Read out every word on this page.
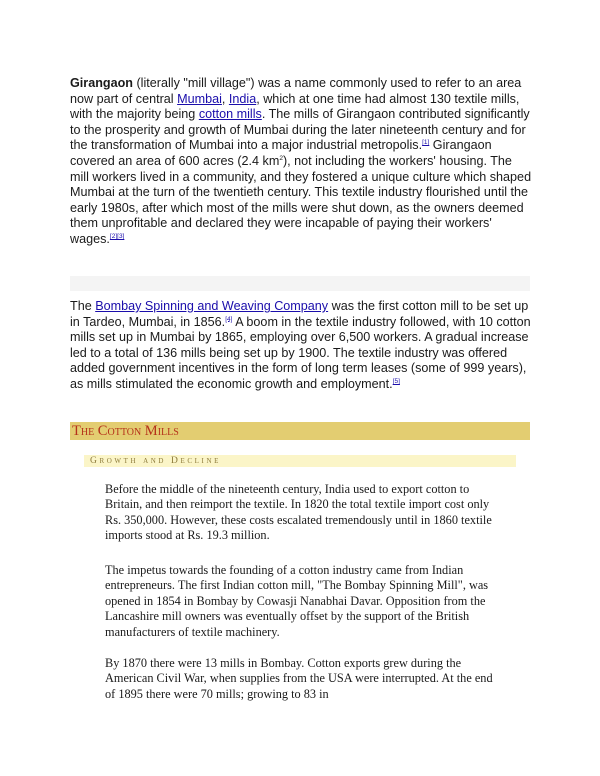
Girangaon (literally "mill village") was a name commonly used to refer to an area now part of central Mumbai, India, which at one time had almost 130 textile mills, with the majority being cotton mills. The mills of Girangaon contributed significantly to the prosperity and growth of Mumbai during the later nineteenth century and for the transformation of Mumbai into a major industrial metropolis.[1] Girangaon covered an area of 600 acres (2.4 $km^2$), not including the workers' housing. The mill workers lived in a community, and they fostered a unique culture which shaped Mumbai at the turn of the twentieth century. This textile industry flourished until the early 1980s, after which most of the mills were shut down, as the owners deemed them unprofitable and declared they were incapable of paying their workers' wages.[2][3]

The Bombay Spinning and Weaving Company was the first cotton mill to be set up in Tardeo, Mumbai, in 1856.[4] A boom in the textile industry followed, with 10 cotton mills set up in Mumbai by 1865, employing over 6,500 workers. A gradual increase led to a total of 136 mills being set up by 1900. The textile industry was offered added government incentives in the form of long term leases (some of 999 years), as mills stimulated the economic growth and employment.[5]

The Cotton Mills
Growth and Decline

Before the middle of the nineteenth century, India used to export cotton to Britain, and then reimport the textile. In 1820 the total textile import cost only Rs. 350,000. However, these costs escalated tremendously until in 1860 textile imports stood at Rs. 19.3 million.

The impetus towards the founding of a cotton industry came from Indian entrepreneurs. The first Indian cotton mill, "The Bombay Spinning Mill", was opened in 1854 in Bombay by Cowasji Nanabhai Davar. Opposition from the Lancashire mill owners was eventually offset by the support of the British manufacturers of textile machinery.

By 1870 there were 13 mills in Bombay. Cotton exports grew during the American Civil War, when supplies from the USA were interrupted. At the end of 1895 there were 70 mills; growing to 83 in
